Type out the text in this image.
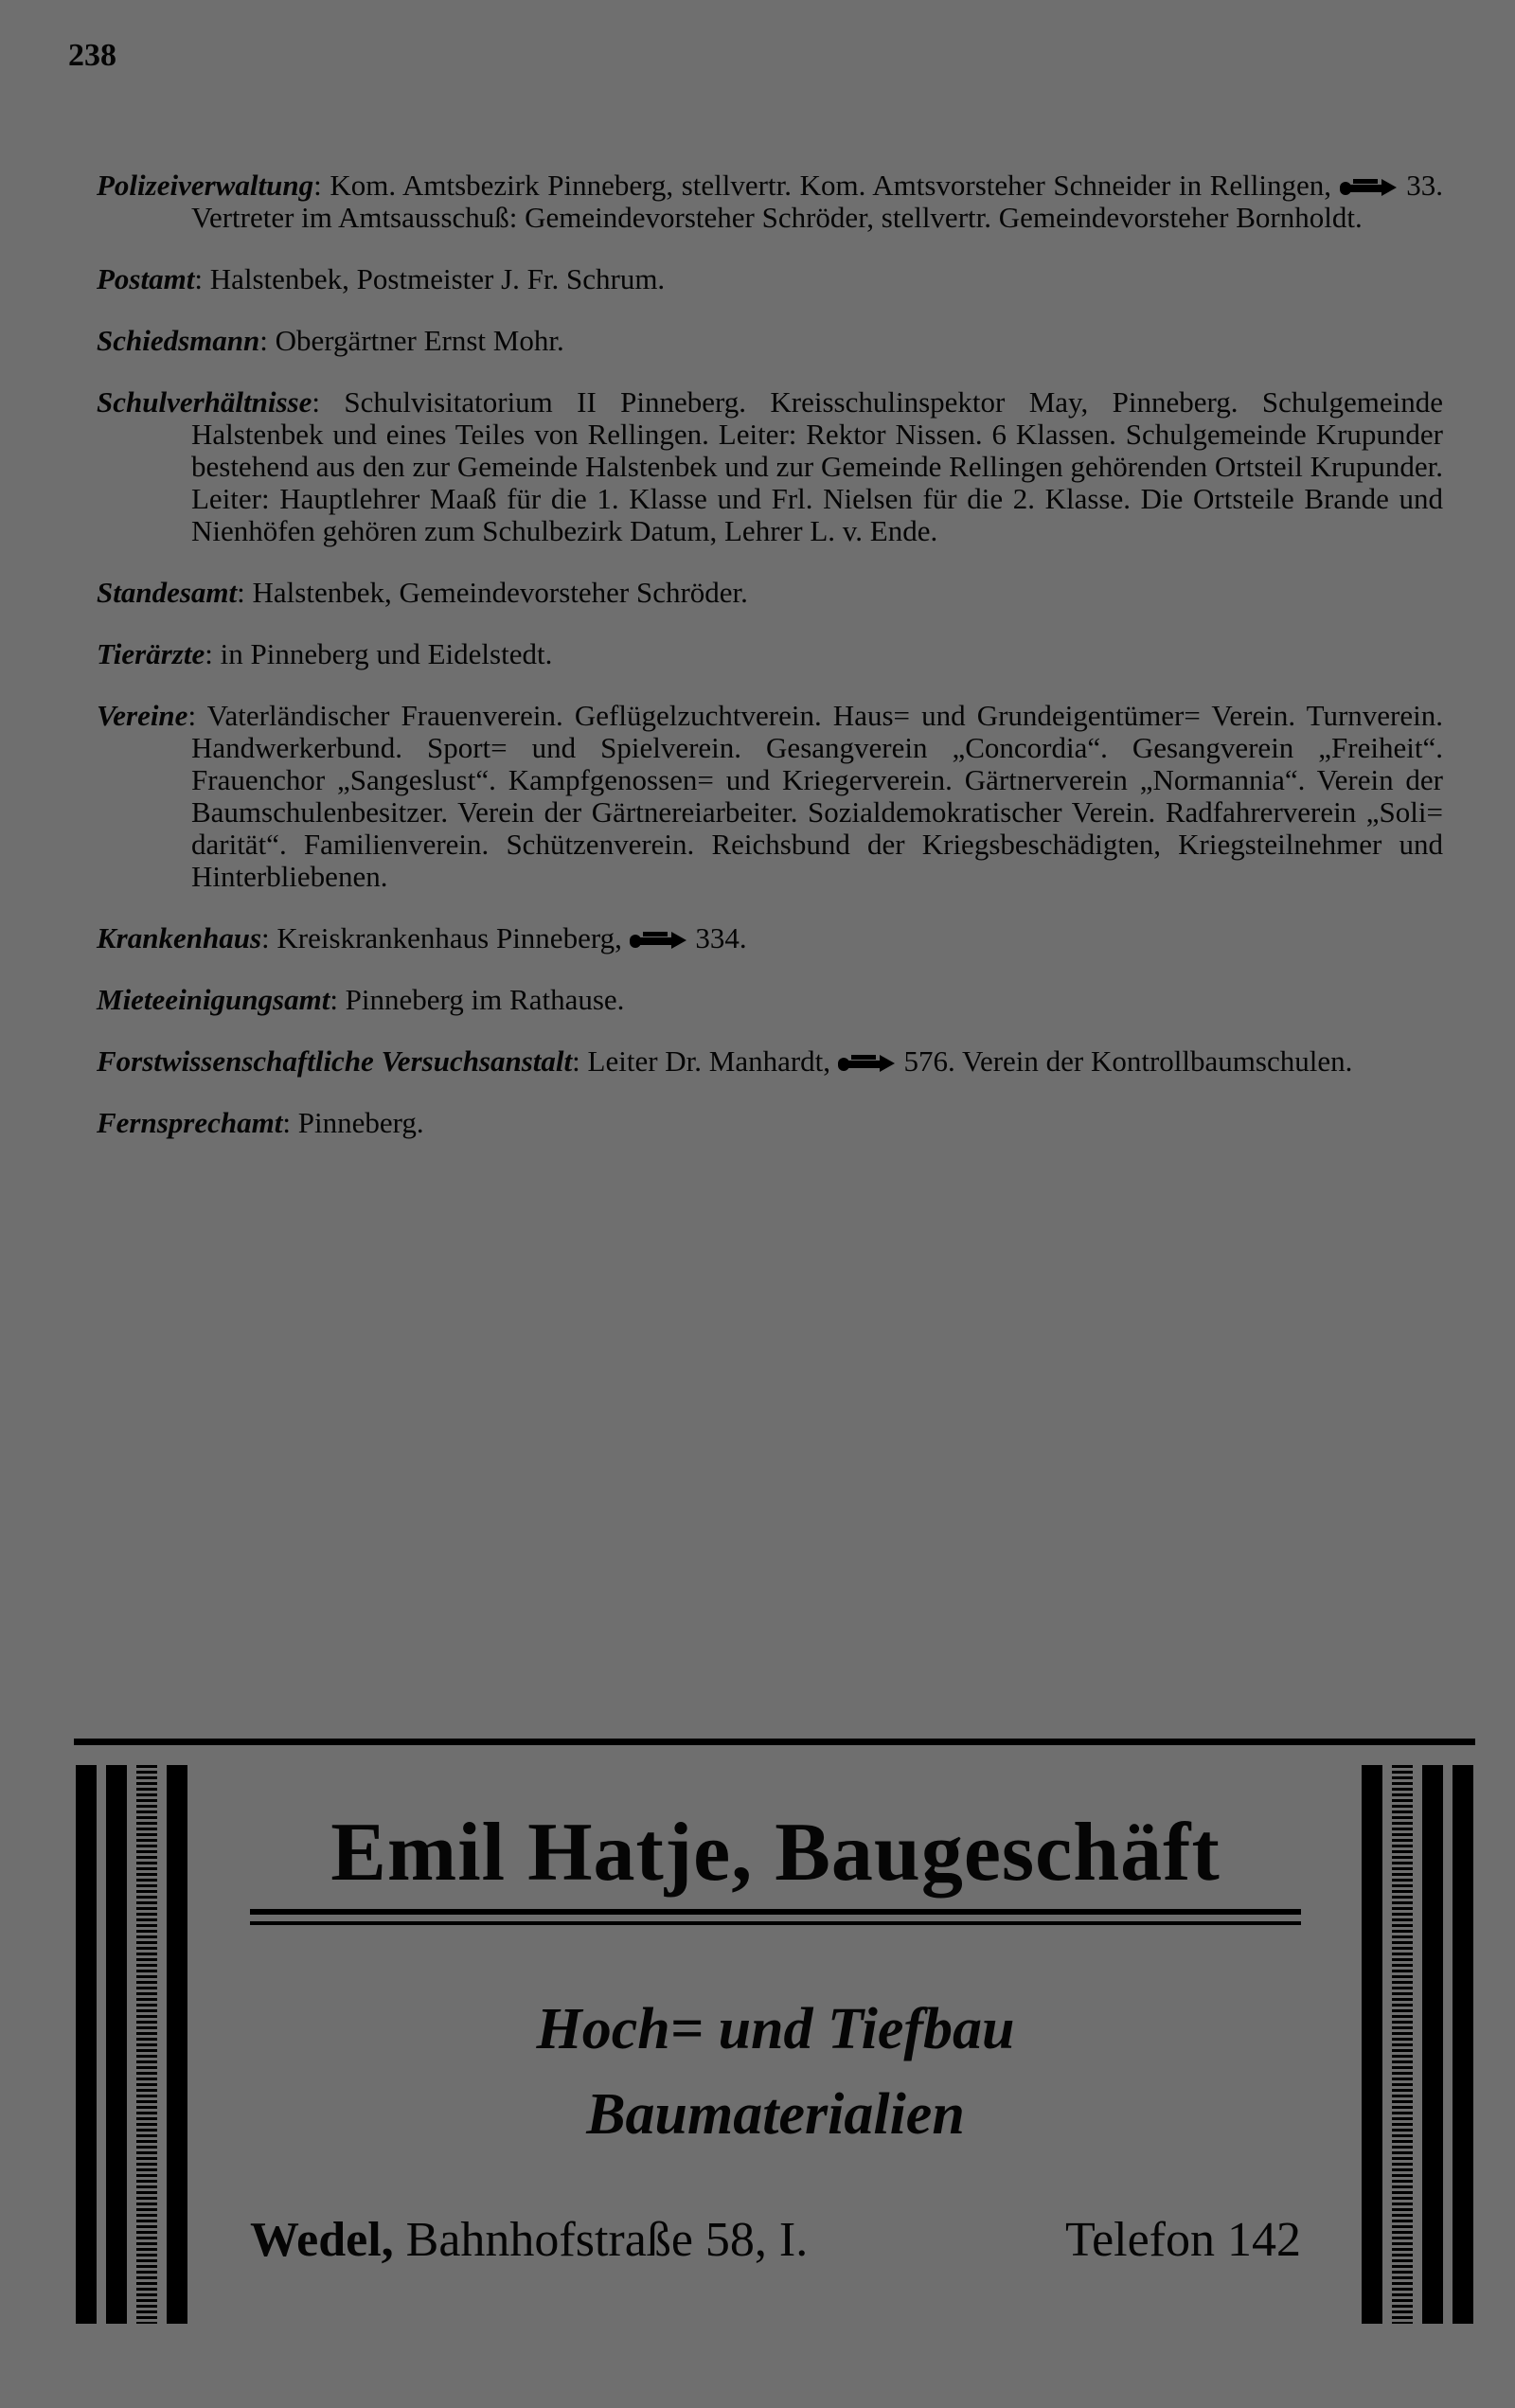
238

Polizeiverwaltung: Kom. Amtsbezirk Pinneberg, stellvertr. Kom. Amtsvorsteher Schneider in Rellingen,  33. Vertreter im Amtsausschuß: Gemeindevorsteher Schröder, stellvertr. Gemeindevorsteher Bornholdt.

Postamt: Halstenbek, Postmeister J. Fr. Schrum.

Schiedsmann: Obergärtner Ernst Mohr.

Schulverhältnisse: Schulvisitatorium II Pinneberg. Kreisschulinspektor May, Pinneberg. Schulgemeinde Halstenbek und eines Teiles von Rellingen. Leiter: Rektor Nissen. 6 Klassen. Schulgemeinde Krupunder bestehend aus den zur Gemeinde Halstenbek und zur Gemeinde Rellingen gehörenden Ortsteil Krupunder. Leiter: Hauptlehrer Maaß für die 1. Klasse und Frl. Nielsen für die 2. Klasse. Die Ortsteile Brande und Nienhöfen gehören zum Schulbezirk Datum, Lehrer L. v. Ende.

Standesamt: Halstenbek, Gemeindevorsteher Schröder.

Tierärzte: in Pinneberg und Eidelstedt.

Vereine: Vaterländischer Frauenverein. Geflügelzuchtverein. Haus= und Grundeigentümer= Verein. Turnverein. Handwerkerbund. Sport= und Spielverein. Gesangverein „Concordia“. Gesangverein „Freiheit“. Frauenchor „Sangeslust“. Kampfgenossen= und Kriegerverein. Gärtnerverein „Normannia“. Verein der Baumschulenbesitzer. Verein der Gärtnereiarbeiter. Sozialdemokratischer Verein. Radfahrerverein „Soli= darität“. Familienverein. Schützenverein. Reichsbund der Kriegsbeschädigten, Kriegsteilnehmer und Hinterbliebenen.

Krankenhaus: Kreiskrankenhaus Pinneberg,  334.

Mieteeinigungsamt: Pinneberg im Rathause.

Forstwissenschaftliche Versuchsanstalt: Leiter Dr. Manhardt,  576. Verein der Kontrollbaumschulen.

Fernsprechamt: Pinneberg.

Emil Hatje, Baugeschäft
Hoch= und Tiefbau
Baumaterialien
Wedel, Bahnhofstraße 58, I.	Telefon 142
